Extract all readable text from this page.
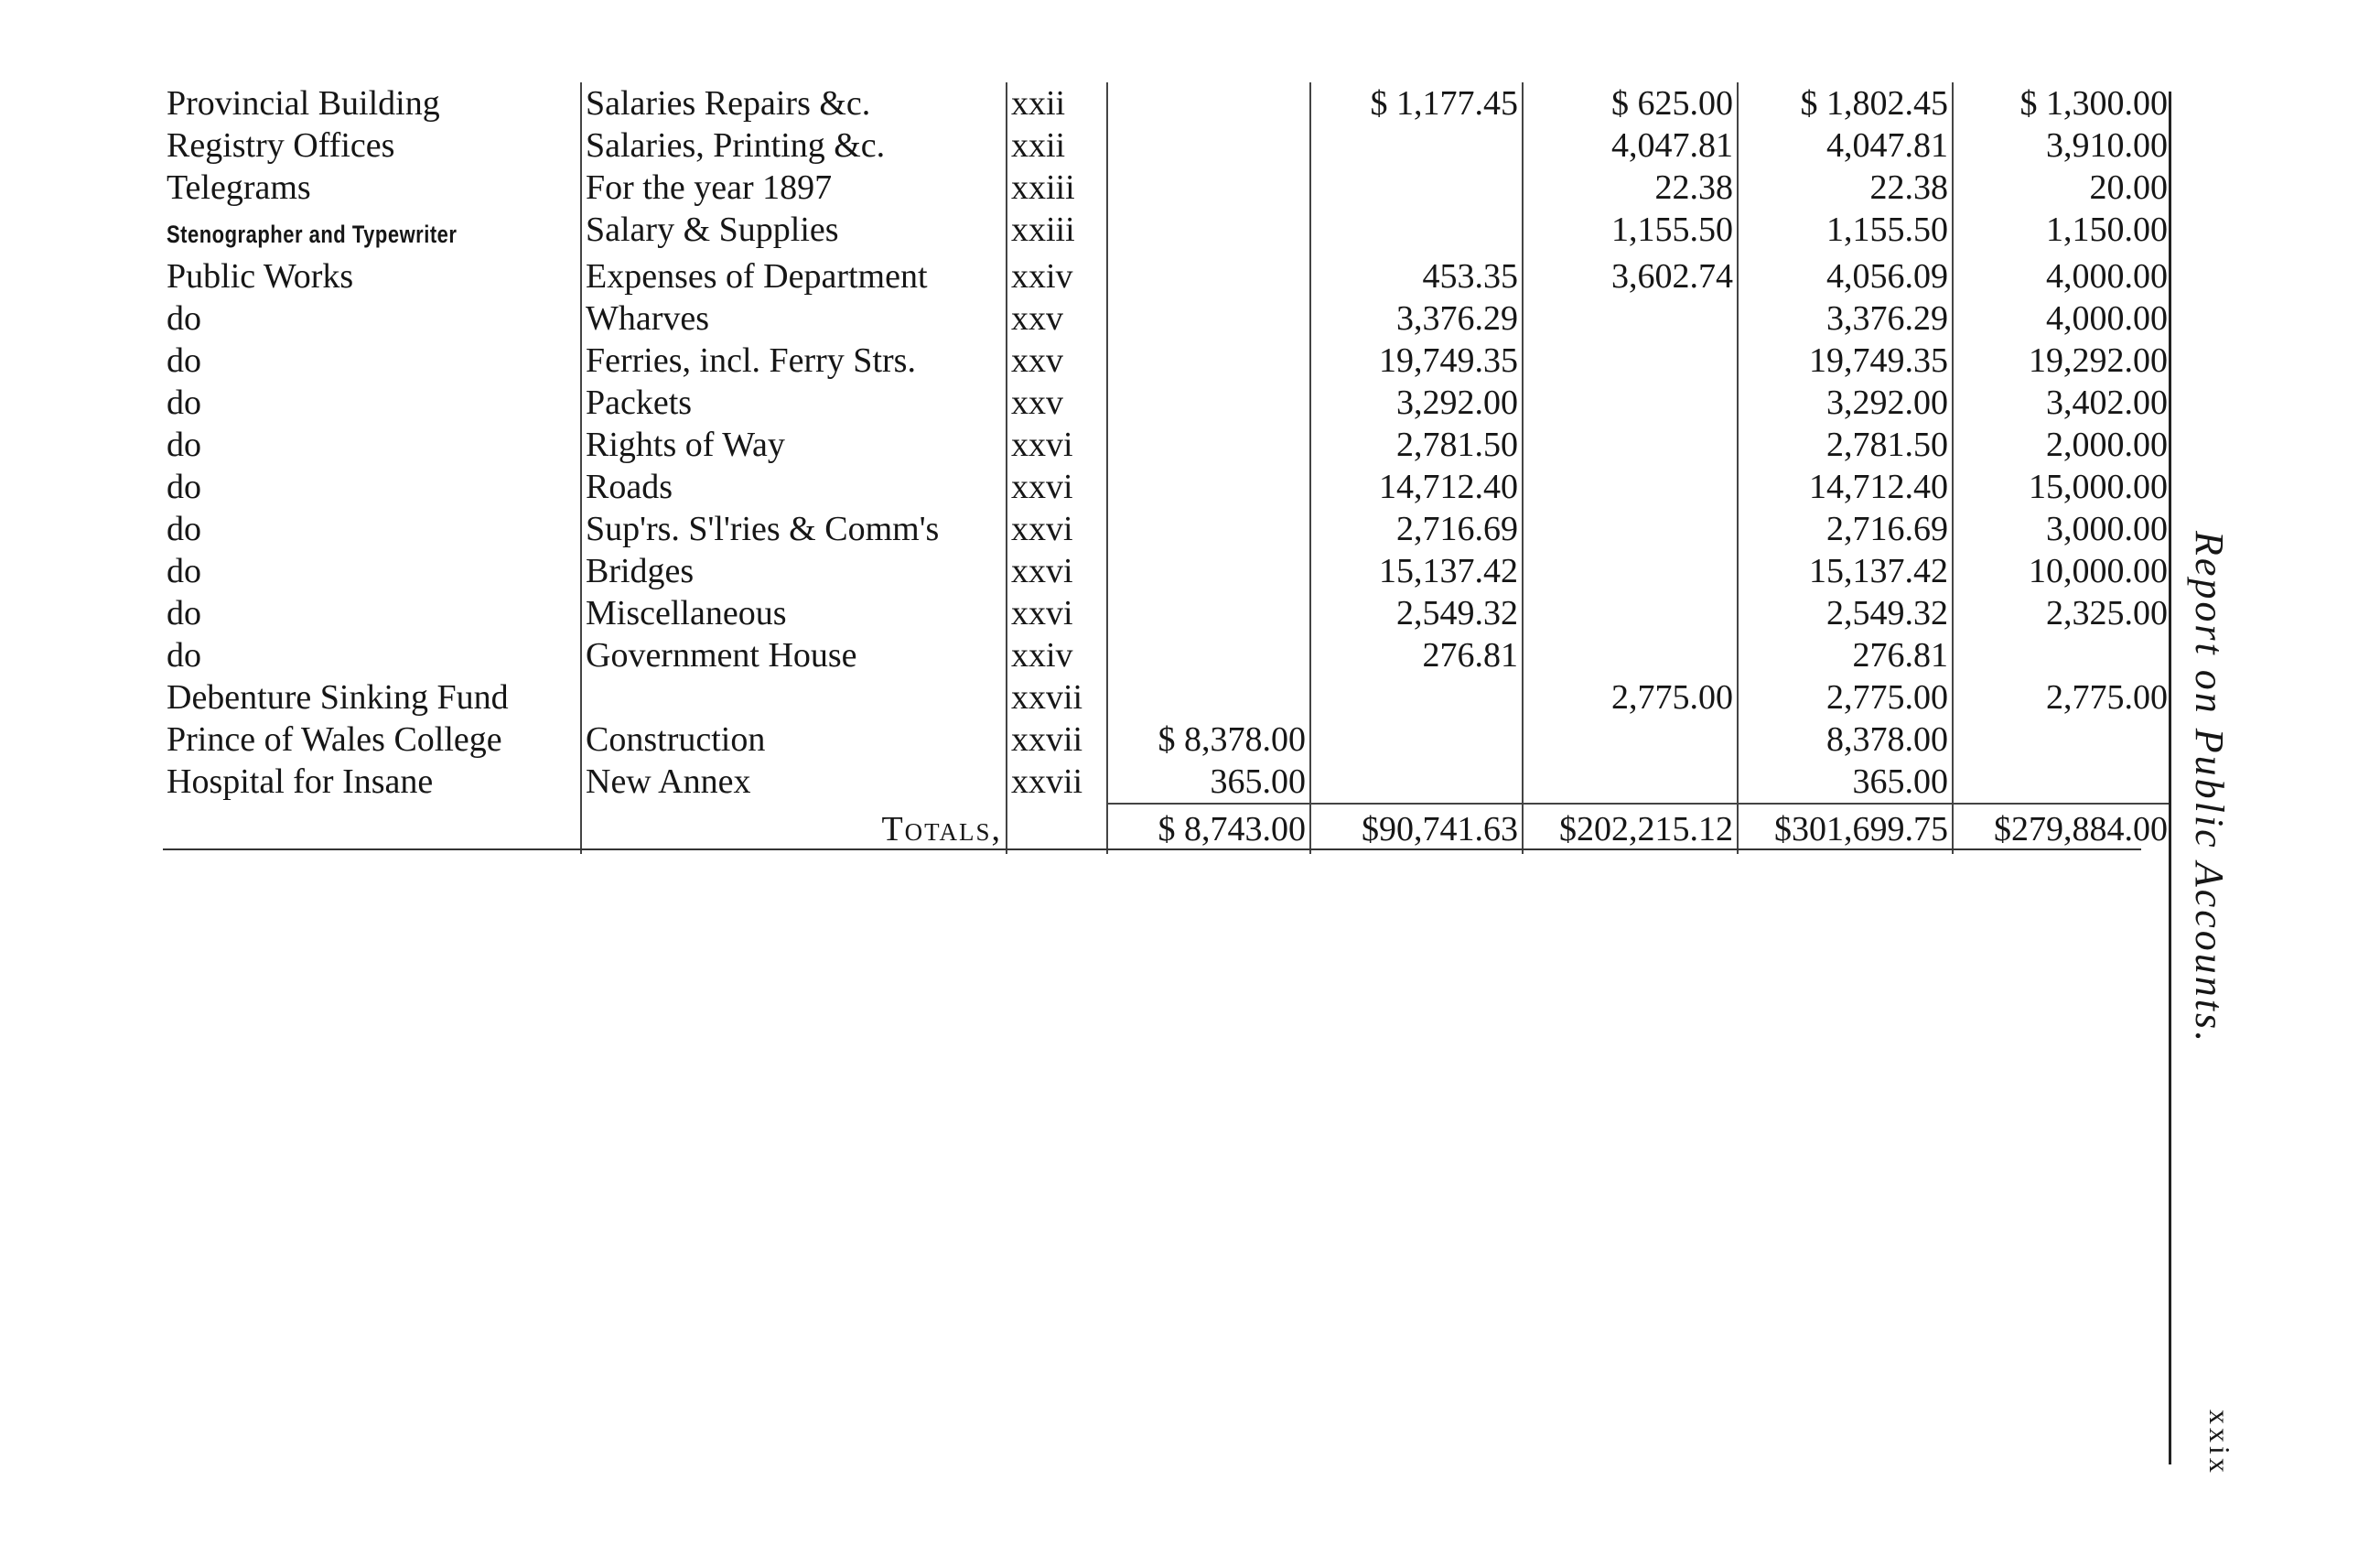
Provincial Building	Salaries Repairs &c.	xxii		$ 1,177.45	$ 625.00	$ 1,802.45	$ 1,300.00
Registry Offices	Salaries, Printing &c.	xxii			4,047.81	4,047.81	3,910.00
Telegrams	For the year 1897	xxiii			22.38	22.38	20.00
Stenographer and Typewriter	Salary & Supplies	xxiii			1,155.50	1,155.50	1,150.00
Public Works	Expenses of Department	xxiv		453.35	3,602.74	4,056.09	4,000.00
do	Wharves	xxv		3,376.29		3,376.29	4,000.00
do	Ferries, incl. Ferry Strs.	xxv		19,749.35		19,749.35	19,292.00
do	Packets	xxv		3,292.00		3,292.00	3,402.00
do	Rights of Way	xxvi		2,781.50		2,781.50	2,000.00
do	Roads	xxvi		14,712.40		14,712.40	15,000.00
do	Sup'rs. S'l'ries & Comm's	xxvi		2,716.69		2,716.69	3,000.00
do	Bridges	xxvi		15,137.42		15,137.42	10,000.00
do	Miscellaneous	xxvi		2,549.32		2,549.32	2,325.00
do	Government House	xxiv		276.81		276.81	
Debenture Sinking Fund		xxvii			2,775.00	2,775.00	2,775.00
Prince of Wales College	Construction	xxvii	$ 8,378.00			8,378.00	
Hospital for Insane	New Annex	xxvii	365.00			365.00	
	Totals,		$ 8,743.00	$90,741.63	$202,215.12	$301,699.75	$279,884.00 Report on Public Accounts.
xxix
